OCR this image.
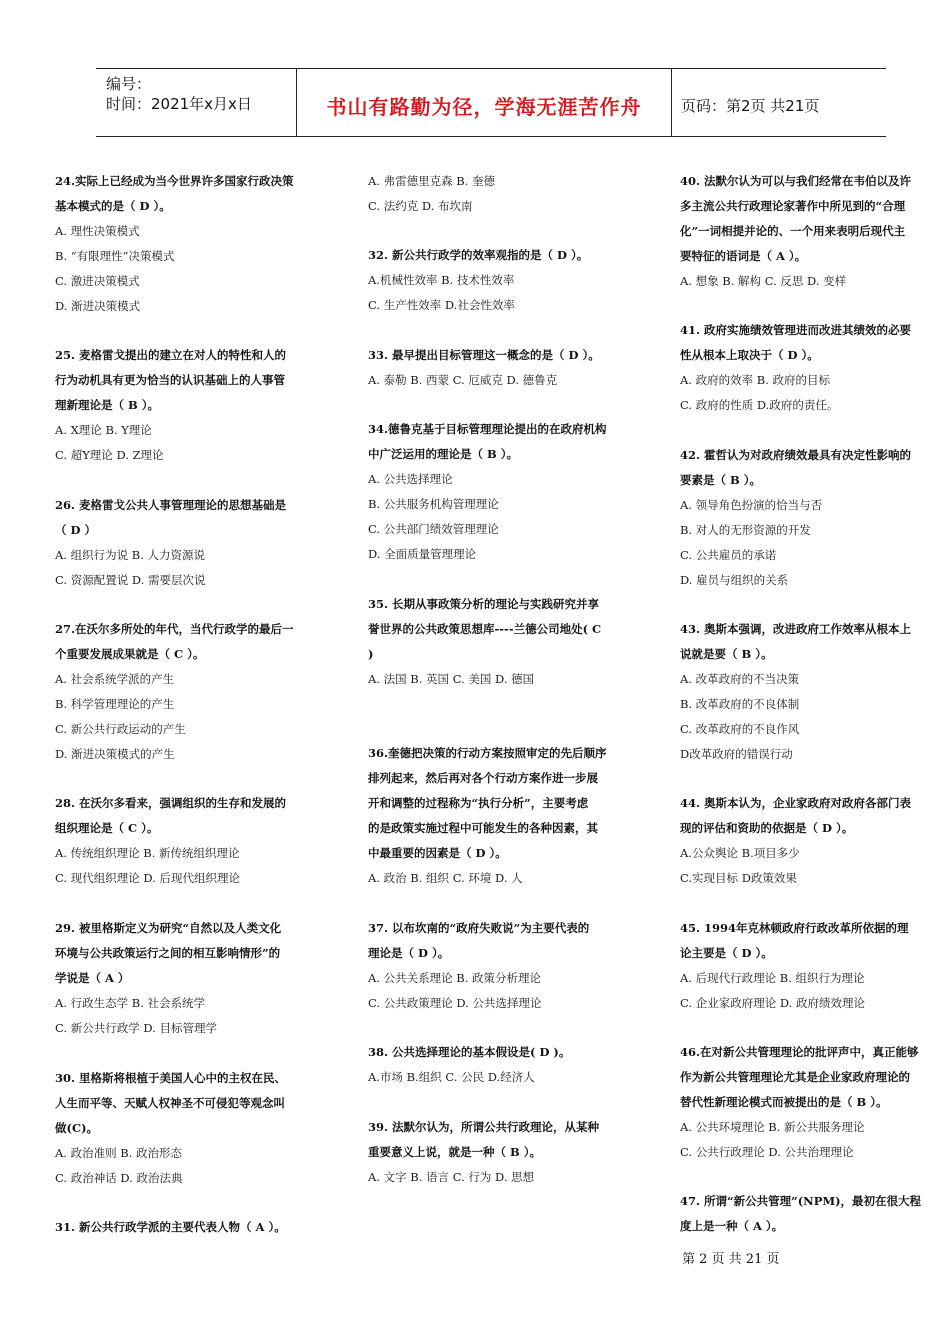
编号：
时间：2021年x月x日	书山有路勤为径，学海无涯苦作舟	页码：第2页 共21页
24.实际上已经成为当今世界许多国家行政决策
基本模式的是（ D ）。
A. 理性决策模式
B. “有限理性”决策模式
C. 激进决策模式
D. 渐进决策模式
25. 麦格雷戈提出的建立在对人的特性和人的
行为动机具有更为恰当的认识基础上的人事管
理新理论是（ B ）。
A. X理论 B. Y理论
C. 超Y理论 D. Z理论
26. 麦格雷戈公共人事管理理论的思想基础是
（ D ）
A. 组织行为说 B. 人力资源说
C. 资源配置说 D. 需要层次说
27.在沃尔多所处的年代，当代行政学的最后一
个重要发展成果就是（ C ）。
A. 社会系统学派的产生
B. 科学管理理论的产生
C. 新公共行政运动的产生
D. 渐进决策模式的产生
28. 在沃尔多看来，强调组织的生存和发展的
组织理论是（ C ）。
A. 传统组织理论 B. 新传统组织理论
C. 现代组织理论 D. 后现代组织理论
29. 被里格斯定义为研究“自然以及人类文化
环境与公共政策运行之间的相互影响情形”的
学说是（ A ）
A. 行政生态学 B. 社会系统学
C. 新公共行政学 D. 目标管理学
30. 里格斯将根植于美国人心中的主权在民、
人生而平等、天赋人权神圣不可侵犯等观念叫
做(C)。
A. 政治准则 B. 政治形态
C. 政治神话 D. 政治法典
31. 新公共行政学派的主要代表人物（ A ）。
A. 弗雷德里克森 B. 奎德
C. 法约克 D. 布坎南
32. 新公共行政学的效率观指的是（ D ）。
A.机械性效率 B. 技术性效率
C. 生产性效率 D.社会性效率
33. 最早提出目标管理这一概念的是（ D ）。
A. 泰勒 B. 西蒙 C. 厄威克 D. 德鲁克
34.德鲁克基于目标管理理论提出的在政府机构
中广泛运用的理论是（ B ）。
A. 公共选择理论
B. 公共服务机构管理理论
C. 公共部门绩效管理理论
D. 全面质量管理理论
35. 长期从事政策分析的理论与实践研究并享
誉世界的公共政策思想库----兰德公司地处( C
)
A. 法国 B. 英国 C. 美国 D. 德国
36.奎德把决策的行动方案按照审定的先后顺序
排列起来，然后再对各个行动方案作进一步展
开和调整的过程称为“执行分析”，主要考虑
的是政策实施过程中可能发生的各种因素，其
中最重要的因素是（ D ）。
A. 政治 B. 组织 C. 环境 D. 人
37. 以布坎南的“政府失败说”为主要代表的
理论是（ D ）。
A. 公共关系理论 B. 政策分析理论
C. 公共政策理论 D. 公共选择理论
38. 公共选择理论的基本假设是( D )。
A.市场 B.组织 C. 公民 D.经济人
39. 法默尔认为，所谓公共行政理论，从某种
重要意义上说，就是一种（ B ）。
A. 文字 B. 语言 C. 行为 D. 思想
40. 法默尔认为可以与我们经常在韦伯以及许
多主流公共行政理论家著作中所见到的“合理
化”一词相提并论的、一个用来表明后现代主
要特征的语词是（ A ）。
A. 想象 B. 解构 C. 反思 D. 变样
41. 政府实施绩效管理进而改进其绩效的必要
性从根本上取决于（ D ）。
A. 政府的效率 B. 政府的目标
C. 政府的性质 D.政府的责任。
42. 霍哲认为对政府绩效最具有决定性影响的
要素是（ B ）。
A. 领导角色扮演的恰当与否
B. 对人的无形资源的开发
C. 公共雇员的承诺
D. 雇员与组织的关系
43. 奥斯本强调，改进政府工作效率从根本上
说就是要（ B ）。
A. 改革政府的不当决策
B. 改革政府的不良体制
C. 改革政府的不良作风
D改革政府的错误行动
44. 奥斯本认为，企业家政府对政府各部门表
现的评估和资助的依据是（ D ）。
A.公众舆论 B.项目多少
C.实现目标 D政策效果
45. 1994年克林顿政府行政改革所依据的理
论主要是（ D ）。
A. 后现代行政理论 B. 组织行为理论
C. 企业家政府理论 D. 政府绩效理论
46.在对新公共管理理论的批评声中，真正能够
作为新公共管理理论尤其是企业家政府理论的
替代性新理论模式而被提出的是（ B ）。
A. 公共环境理论 B. 新公共服务理论
C. 公共行政理论 D. 公共治理理论
47. 所谓“新公共管理”(NPM)，最初在很大程
度上是一种（ A ）。
第 2 页 共 21 页
